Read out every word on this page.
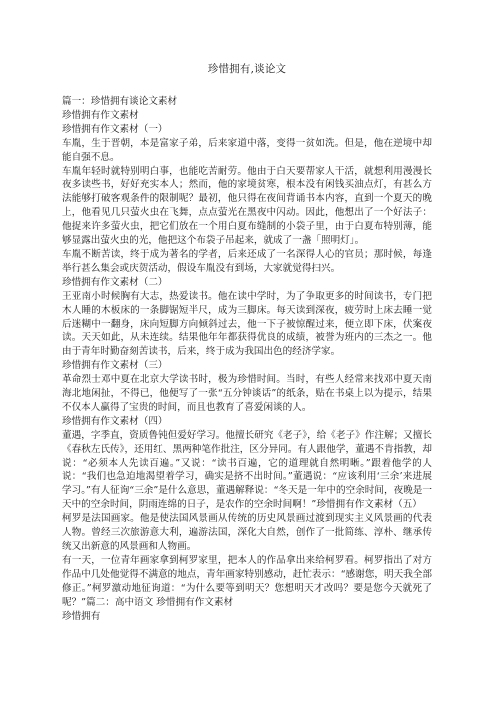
珍惜拥有,谈论文

篇一：珍惜拥有谈论文素材

珍惜拥有作文素材

珍惜拥有作文素材（一）

车胤，生于晋朝，本是富家子弟，后来家道中落，变得一贫如洗。但是，他在逆境中却能自强不息。

车胤年轻时就特别明白事，也能吃苦耐劳。他由于白天要帮家人干活，就想利用漫漫长夜多读些书，好好充实本人；然而，他的家境贫寒，根本没有闲钱买油点灯，有甚么方法能够打破客观条件的限制呢？最初，他只得在夜间背诵书本内容，直到一个夏天的晚上，他看见几只萤火虫在飞舞，点点萤光在黑夜中闪动。因此，他想出了一个好法子：他捉来许多萤火虫，把它们放在一个用白夏布缝制的小袋子里，由于白夏布特别薄，能够显露出萤火虫的光，他把这个布袋子吊起来，就成了一盏「照明灯」。

车胤不断苦读，终于成为著名的学者，后来还成了一名深得人心的官员；那时候，每逢举行甚么集会或庆贺活动，假设车胤没有到场，大家就觉得扫兴。

珍惜拥有作文素材（二）

王亚南小时候胸有大志，热爱读书。他在读中学时，为了争取更多的时间读书，专门把木人睡的木板床的一条脚锯短半尺，成为三脚床。每天读到深夜，疲劳时上床去睡一觉后迷糊中一翻身，床向短脚方向倾斜过去，他一下子被惊醒过来，便立即下床，伏案夜读。天天如此，从未连续。结果他年年都获得优良的成绩，被誉为班内的三杰之一。他由于青年时勤奋刻苦读书，后来，终于成为我国出色的经济学家。

珍惜拥有作文素材（三）

革命烈士邓中夏在北京大学读书时，极为珍惜时间。当时，有些人经常来找邓中夏天南海北地闲扯，不得已，他便写了一张“五分钟谈话”的纸条，贴在书桌上以为提示，结果不仅本人赢得了宝贵的时间，而且也教育了喜爱闲谈的人。

珍惜拥有作文素材（四）

董遇，字季直，资质鲁钝但爱好学习。他擅长研究《老子》，给《老子》作注解；又擅长《春秋左氏传》，还用红、黑两种笔作批注，区分异同。有人跟他学，董遇不肯指教，却说：“必须本人先读百遍。”又说：“读书百遍，它的道理就自然明晰。”跟着他学的人说：“我们也急迫地渴望着学习，确实是挤不出时间。”董遇说：“应该利用‘三余’来进展学习。”有人征询“三余”是什么意思，董遇解释说：“冬天是一年中的空余时间，夜晚是一天中的空余时间，阴雨连绵的日子，是农作的空余时间啊！”珍惜拥有作文素材（五）

柯罗是法国画家。他是使法国风景画从传统的历史风景画过渡到现实主义风景画的代表人物。曾经三次旅游意大利，遍游法国，深化大自然，创作了一批简练、淳朴、继承传统又出新意的风景画和人物画。

有一天，一位青年画家拿到柯罗家里，把本人的作品拿出来给柯罗看。柯罗指出了对方作品中几处他觉得不满意的地点，青年画家特别感动，赶忙表示：“感谢您，明天我全部修正。”柯罗激动地征询道：“为什么要等到明天？您想明天才改吗？要是您今天就死了呢？”篇二：高中语文 珍惜拥有作文素材

珍惜拥有
